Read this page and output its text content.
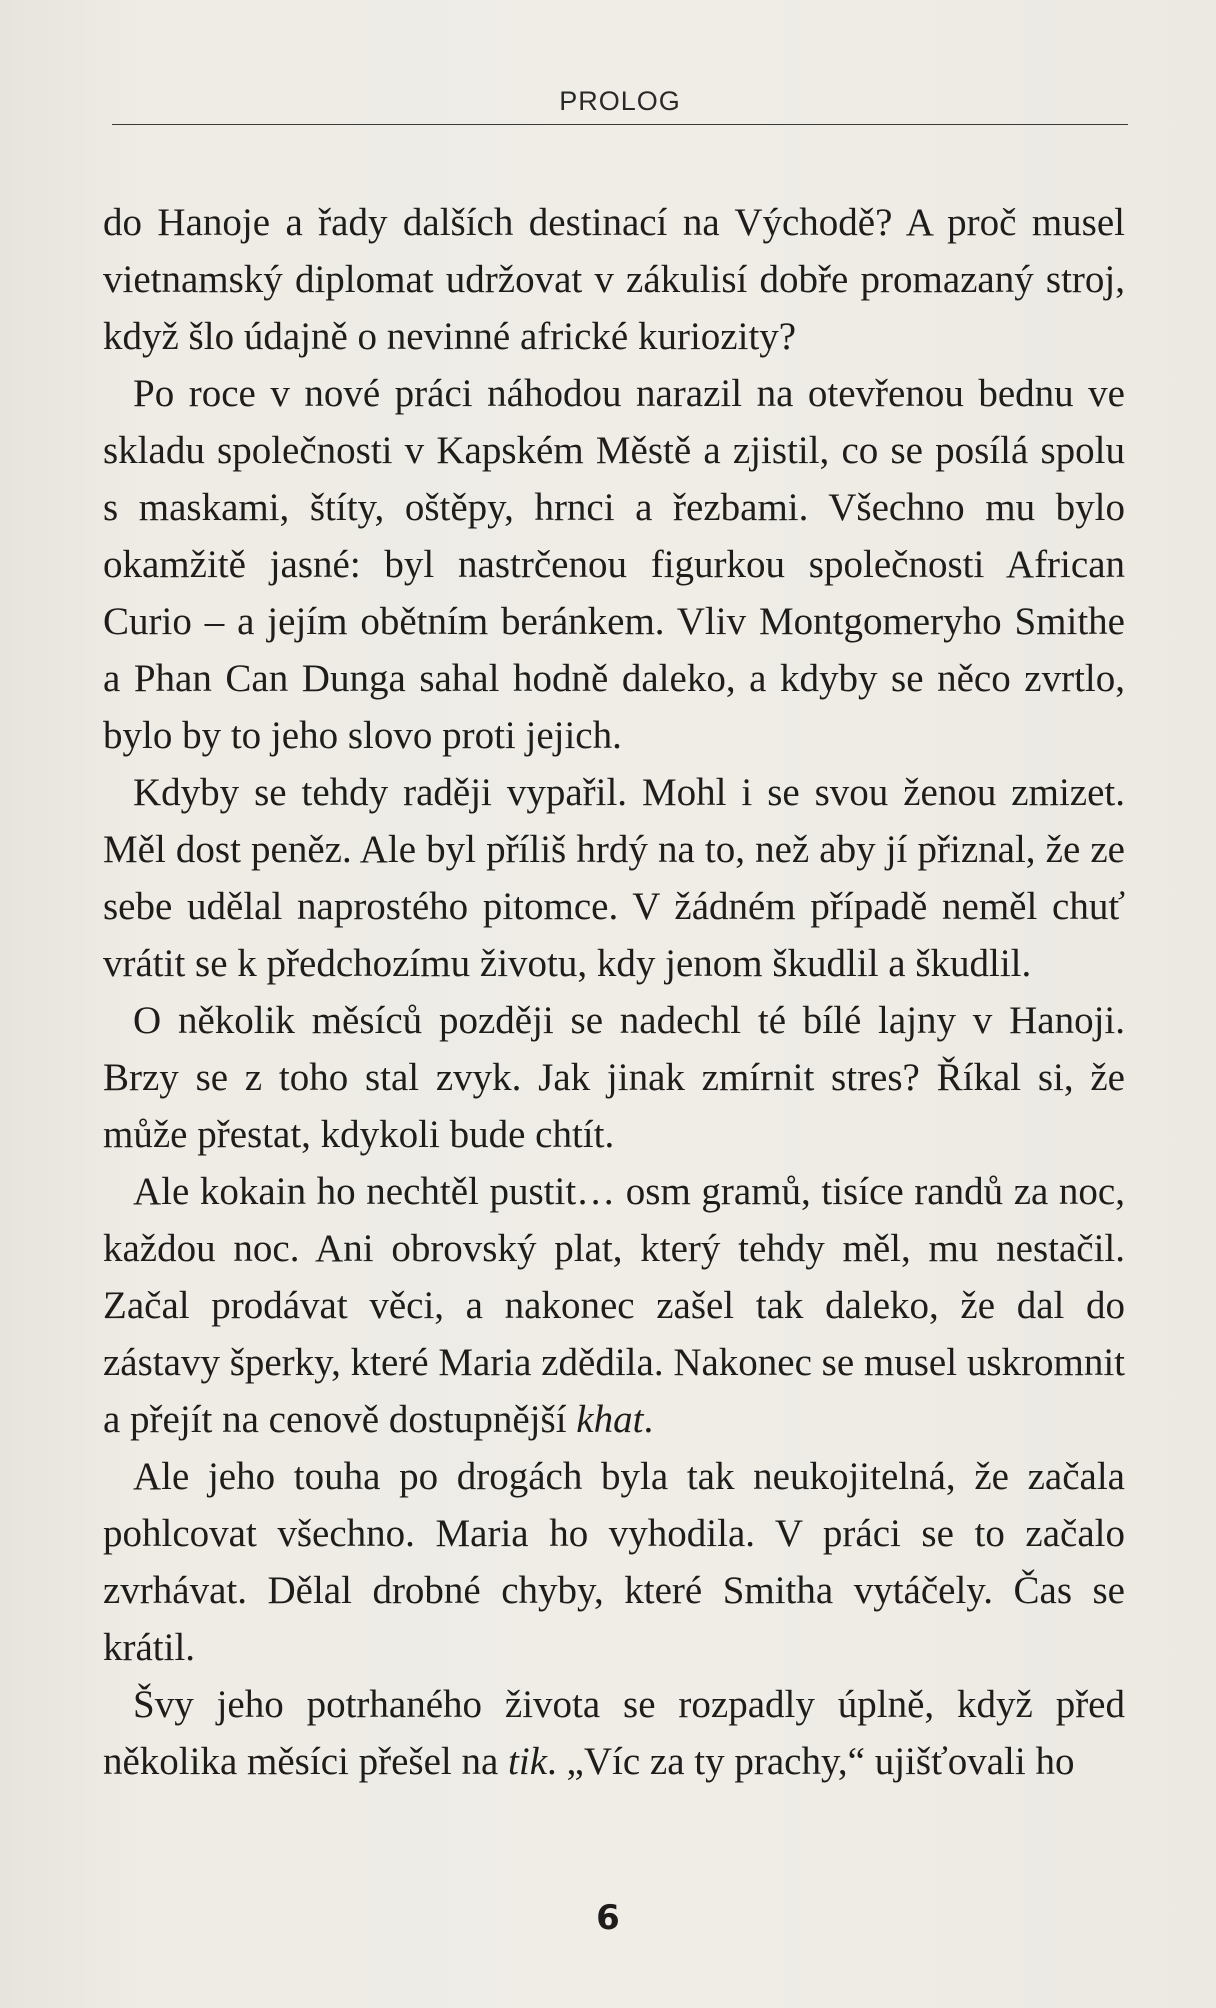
PROLOG

do Hanoje a řady dalších destinací na Východě? A proč musel vietnamský diplomat udržovat v zákulisí dobře promazaný stroj, když šlo údajně o nevinné africké kuriozity?

Po roce v nové práci náhodou narazil na otevřenou bednu ve skladu společnosti v Kapském Městě a zjistil, co se posílá spolu s maskami, štíty, oštěpy, hrnci a řezbami. Všechno mu bylo okamžitě jasné: byl nastrčenou figurkou společnosti African Curio – a jejím obětním beránkem. Vliv Montgomeryho Smithe a Phan Can Dunga sahal hodně daleko, a kdyby se něco zvrtlo, bylo by to jeho slovo proti jejich.

Kdyby se tehdy raději vypařil. Mohl i se svou ženou zmizet. Měl dost peněz. Ale byl příliš hrdý na to, než aby jí přiznal, že ze sebe udělal naprostého pitomce. V žádném případě neměl chuť vrátit se k předchozímu životu, kdy jenom škudlil a škudlil.

O několik měsíců později se nadechl té bílé lajny v Hanoji. Brzy se z toho stal zvyk. Jak jinak zmírnit stres? Říkal si, že může přestat, kdykoli bude chtít.

Ale kokain ho nechtěl pustit… osm gramů, tisíce randů za noc, každou noc. Ani obrovský plat, který tehdy měl, mu nestačil. Začal prodávat věci, a nakonec zašel tak daleko, že dal do zástavy šperky, které Maria zdědila. Nakonec se musel uskromnit a přejít na cenově dostupnější khat.

Ale jeho touha po drogách byla tak neukojitelná, že začala pohlcovat všechno. Maria ho vyhodila. V práci se to začalo zvrhávat. Dělal drobné chyby, které Smitha vytáčely. Čas se krátil.

Švy jeho potrhaného života se rozpadly úplně, když před několika měsíci přešel na tik. „Víc za ty prachy,“ ujišťovali ho

6
